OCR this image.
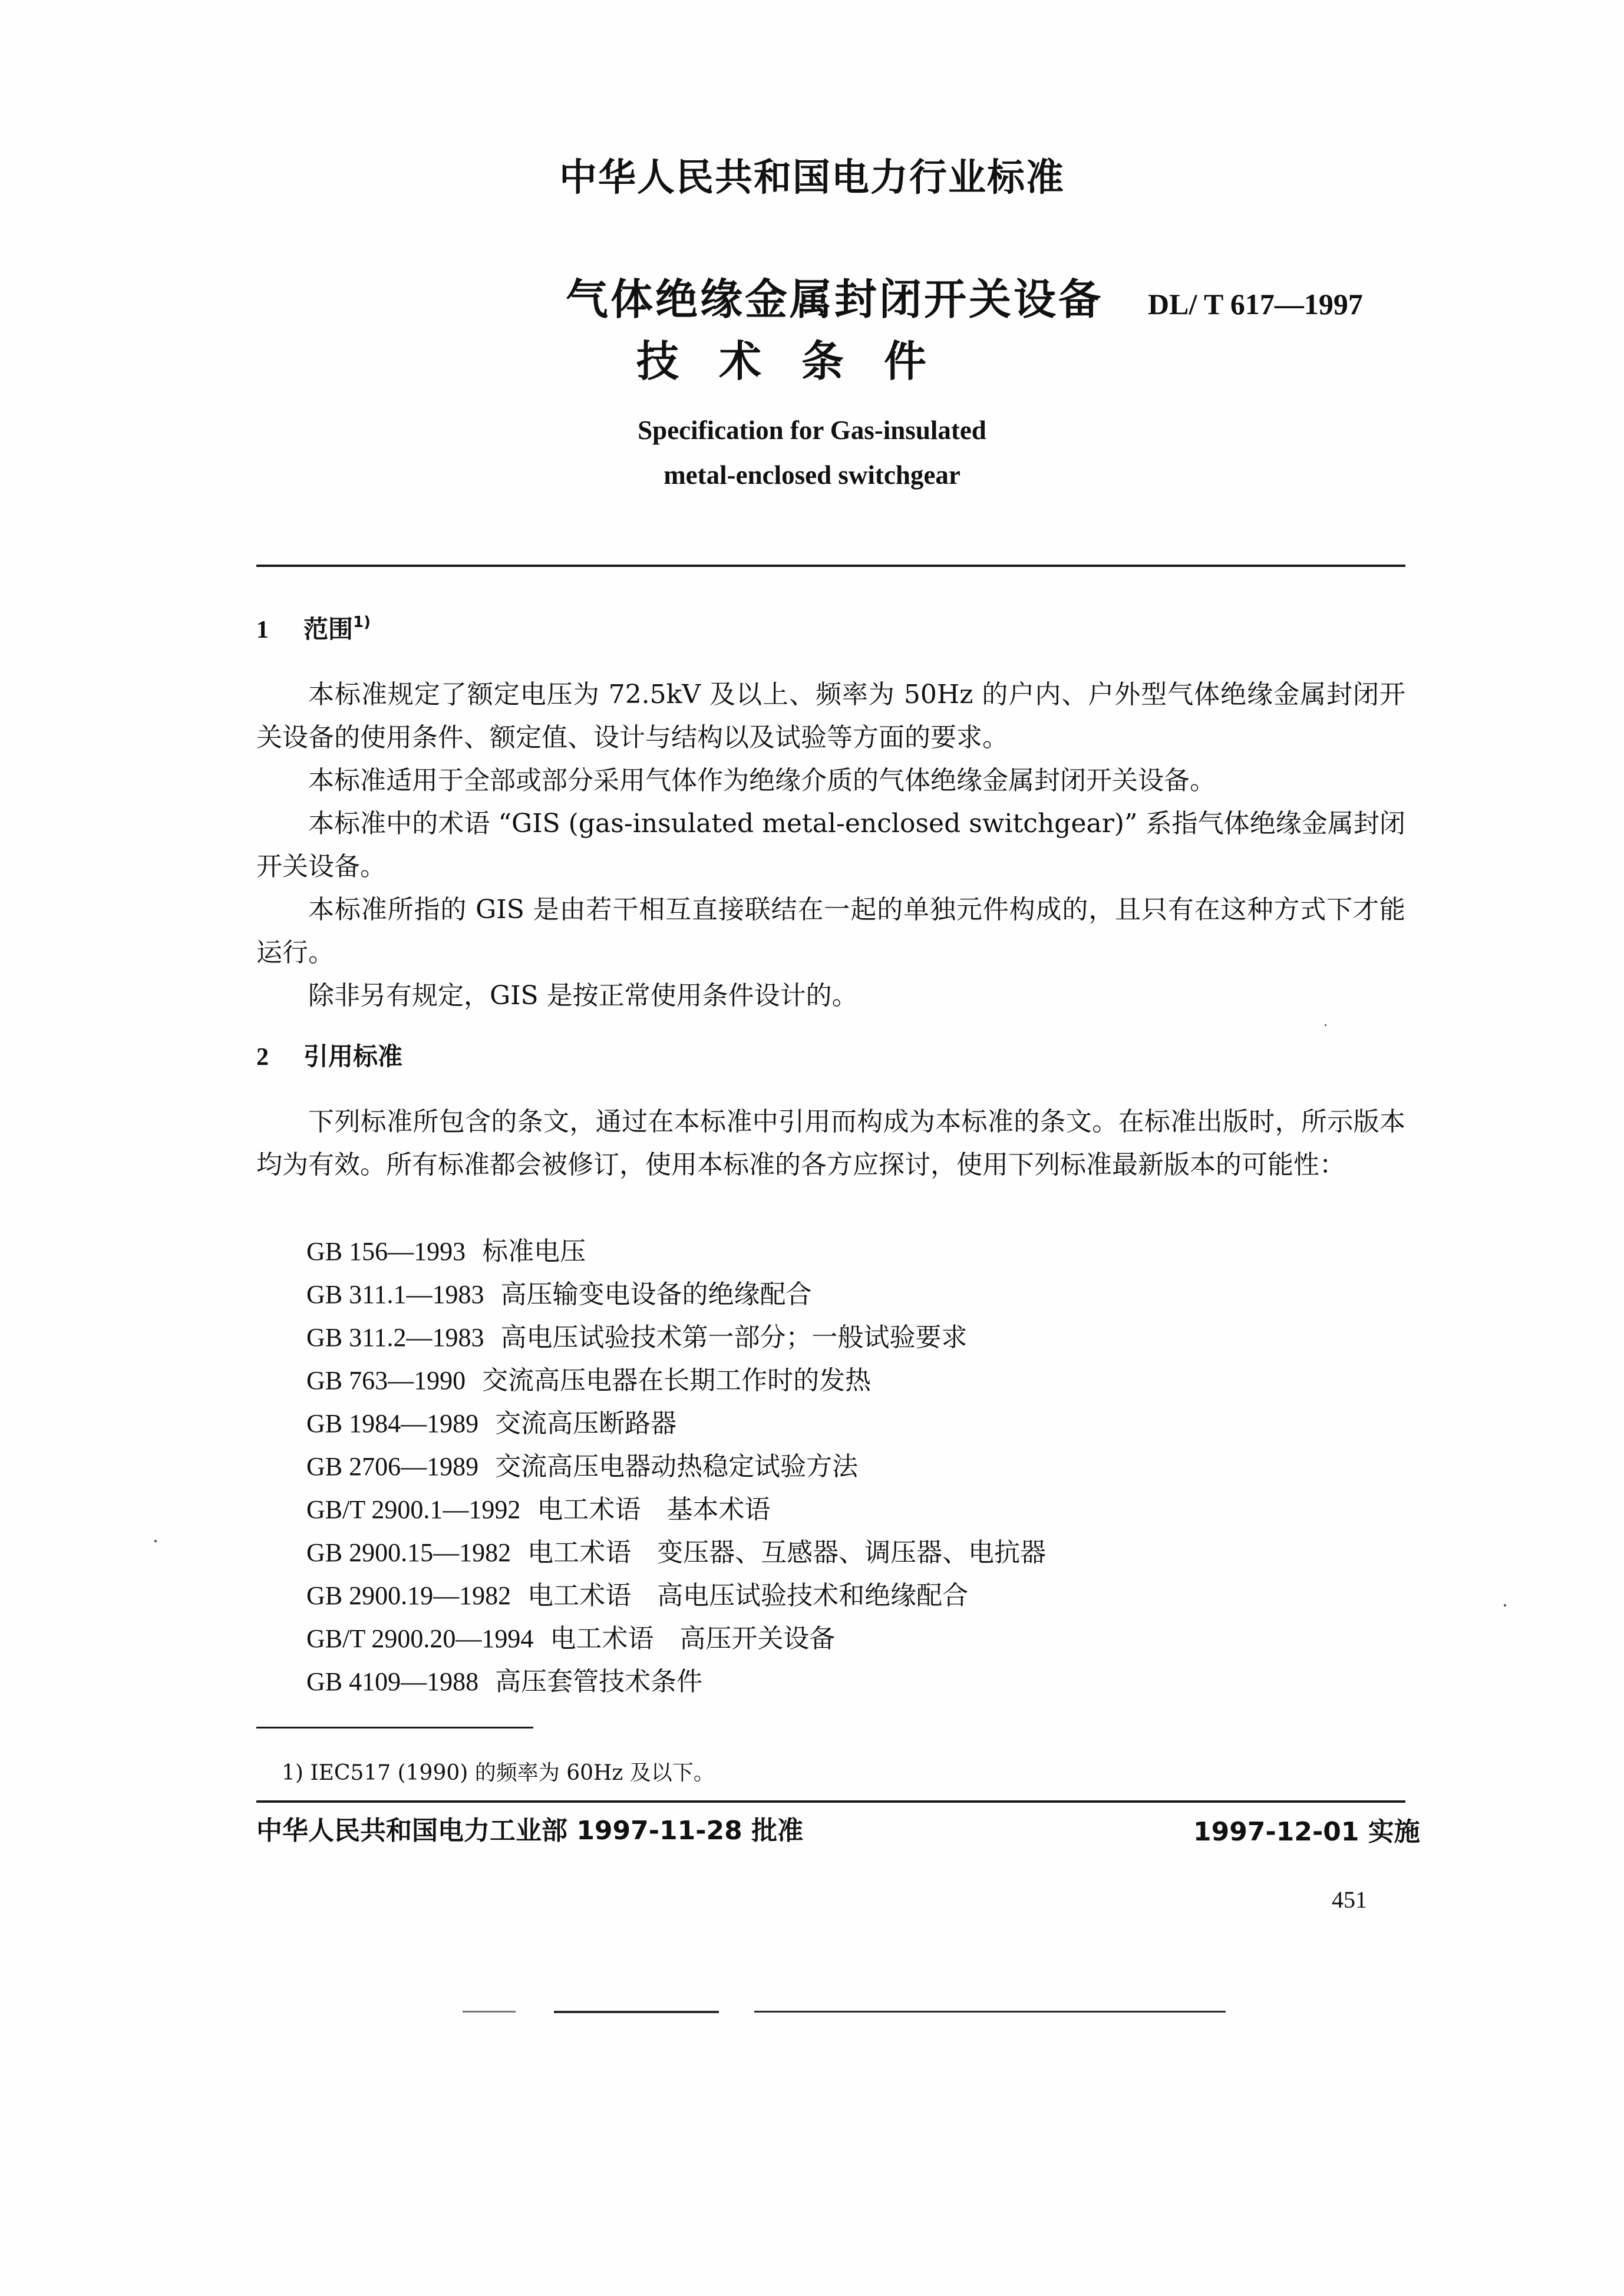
中华人民共和国电力行业标准
气体绝缘金属封闭开关设备 DL/ T 617—1997
技术条件
Specification for Gas-insulated
metal-enclosed switchgear
1 范围$^{1)}$
本标准规定了额定电压为 72.5kV 及以上、频率为 50Hz 的户内、户外型气体绝缘金属封闭开关设备的使用条件、额定值、设计与结构以及试验等方面的要求。
本标准适用于全部或部分采用气体作为绝缘介质的气体绝缘金属封闭开关设备。
本标准中的术语 “GIS (gas-insulated metal-enclosed switchgear)” 系指气体绝缘金属封闭开关设备。
本标准所指的 GIS 是由若干相互直接联结在一起的单独元件构成的，且只有在这种方式下才能运行。
除非另有规定，GIS 是按正常使用条件设计的。
2 引用标准
下列标准所包含的条文，通过在本标准中引用而构成为本标准的条文。在标准出版时，所示版本均为有效。所有标准都会被修订，使用本标准的各方应探讨，使用下列标准最新版本的可能性：
GB 156—1993 标准电压
GB 311.1—1983 高压输变电设备的绝缘配合
GB 311.2—1983 高电压试验技术第一部分；一般试验要求
GB 763—1990 交流高压电器在长期工作时的发热
GB 1984—1989 交流高压断路器
GB 2706—1989 交流高压电器动热稳定试验方法
GB/T 2900.1—1992 电工术语　基本术语
GB 2900.15—1982 电工术语　变压器、互感器、调压器、电抗器
GB 2900.19—1982 电工术语　高电压试验技术和绝缘配合
GB/T 2900.20—1994 电工术语　高压开关设备
GB 4109—1988 高压套管技术条件
1) IEC517 (1990) 的频率为 60Hz 及以下。
中华人民共和国电力工业部 1997-11-28 批准	1997-12-01 实施
451
